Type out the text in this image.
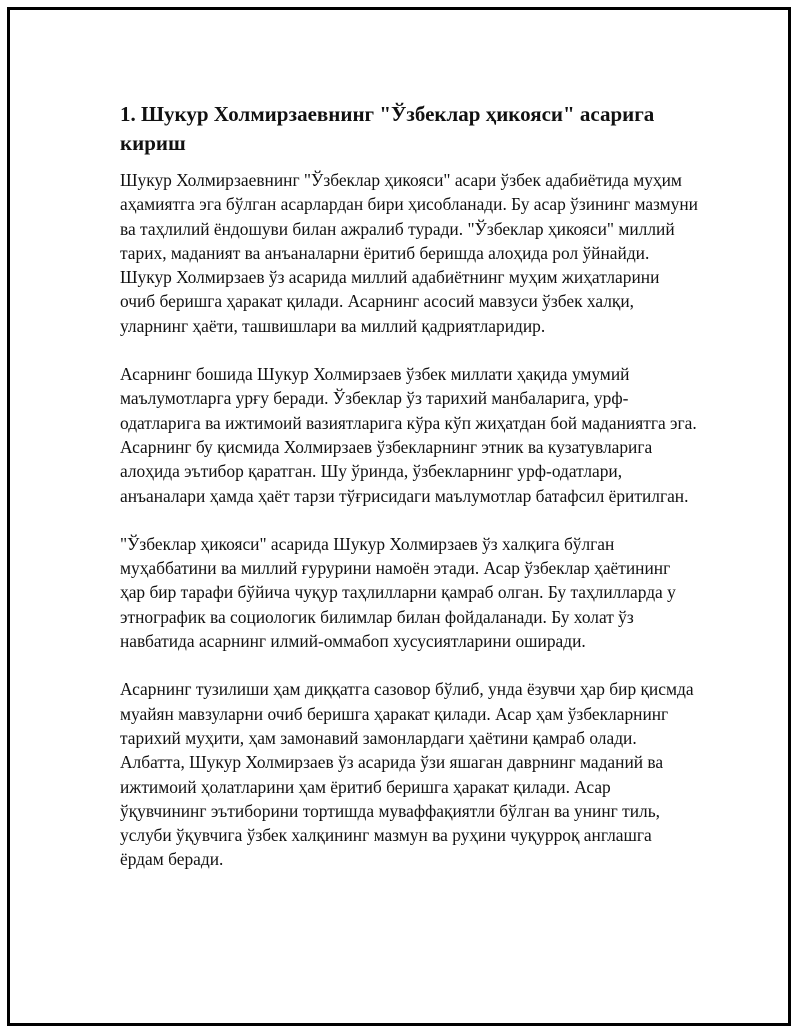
1. Шукур Холмирзаевнинг "Ўзбеклар ҳикояси" асарига кириш

Шукур Холмирзаевнинг "Ўзбеклар ҳикояси" асари ўзбек адабиётида муҳим аҳамиятга эга бўлган асарлардан бири ҳисобланади. Бу асар ўзининг мазмуни ва таҳлилий ёндошуви билан ажралиб туради. "Ўзбеклар ҳикояси" миллий тарих, маданият ва анъаналарни ёритиб беришда алоҳида рол ўйнайди. Шукур Холмирзаев ўз асарида миллий адабиётнинг муҳим жиҳатларини очиб беришга ҳаракат қилади. Асарнинг асосий мавзуси ўзбек халқи, уларнинг ҳаёти, ташвишлари ва миллий қадриятларидир.

Асарнинг бошида Шукур Холмирзаев ўзбек миллати ҳақида умумий маълумотларга урғу беради. Ўзбеклар ўз тарихий манбаларига, урф-одатларига ва ижтимоий вазиятларига кўра кўп жиҳатдан бой маданиятга эга. Асарнинг бу қисмида Холмирзаев ўзбекларнинг этник ва кузатувларига алоҳида эътибор қаратган. Шу ўринда, ўзбекларнинг урф-одатлари, анъаналари ҳамда ҳаёт тарзи тўғрисидаги маълумотлар батафсил ёритилган.

"Ўзбеклар ҳикояси" асарида Шукур Холмирзаев ўз халқига бўлган муҳаббатини ва миллий ғурурини намоён этади. Асар ўзбеклар ҳаётининг ҳар бир тарафи бўйича чуқур таҳлилларни қамраб олган. Бу таҳлилларда у этнографик ва социологик билимлар билан фойдаланади. Бу холат ўз навбатида асарнинг илмий-оммабоп хусусиятларини оширади.

Асарнинг тузилиши ҳам диққатга сазовор бўлиб, унда ёзувчи ҳар бир қисмда муайян мавзуларни очиб беришга ҳаракат қилади. Асар ҳам ўзбекларнинг тарихий муҳити, ҳам замонавий замонлардаги ҳаётини қамраб олади. Албатта, Шукур Холмирзаев ўз асарида ўзи яшаган даврнинг маданий ва ижтимоий ҳолатларини ҳам ёритиб беришга ҳаракат қилади. Асар ўқувчининг эътиборини тортишда муваффақиятли бўлган ва унинг тиль, услуби ўқувчига ўзбек халқининг мазмун ва руҳини чуқурроқ англашга ёрдам беради.
